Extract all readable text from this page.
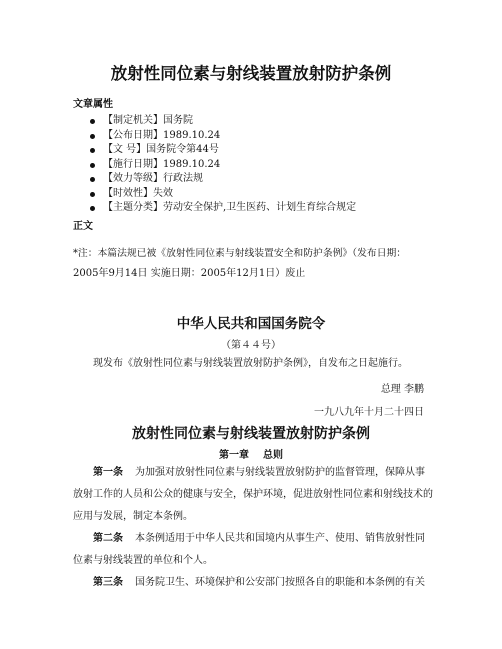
放射性同位素与射线装置放射防护条例
文章属性
【制定机关】国务院
【公布日期】1989.10.24
【文 号】国务院令第44号
【施行日期】1989.10.24
【效力等级】行政法规
【时效性】失效
【主题分类】劳动安全保护,卫生医药、计划生育综合规定
正文
*注：本篇法规已被《放射性同位素与射线装置安全和防护条例》（发布日期：
2005年9月14日 实施日期：2005年12月1日）废止
中华人民共和国国务院令
（第４４号）
现发布《放射性同位素与射线装置放射防护条例》，自发布之日起施行。
总理 李鹏
一九八九年十月二十四日
放射性同位素与射线装置放射防护条例
第一章 总则
第一条 为加强对放射性同位素与射线装置放射防护的监督管理，保障从事
放射工作的人员和公众的健康与安全，保护环境，促进放射性同位素和射线技术的
应用与发展，制定本条例。
第二条 本条例适用于中华人民共和国境内从事生产、使用、销售放射性同
位素与射线装置的单位和个人。
第三条 国务院卫生、环境保护和公安部门按照各自的职能和本条例的有关
